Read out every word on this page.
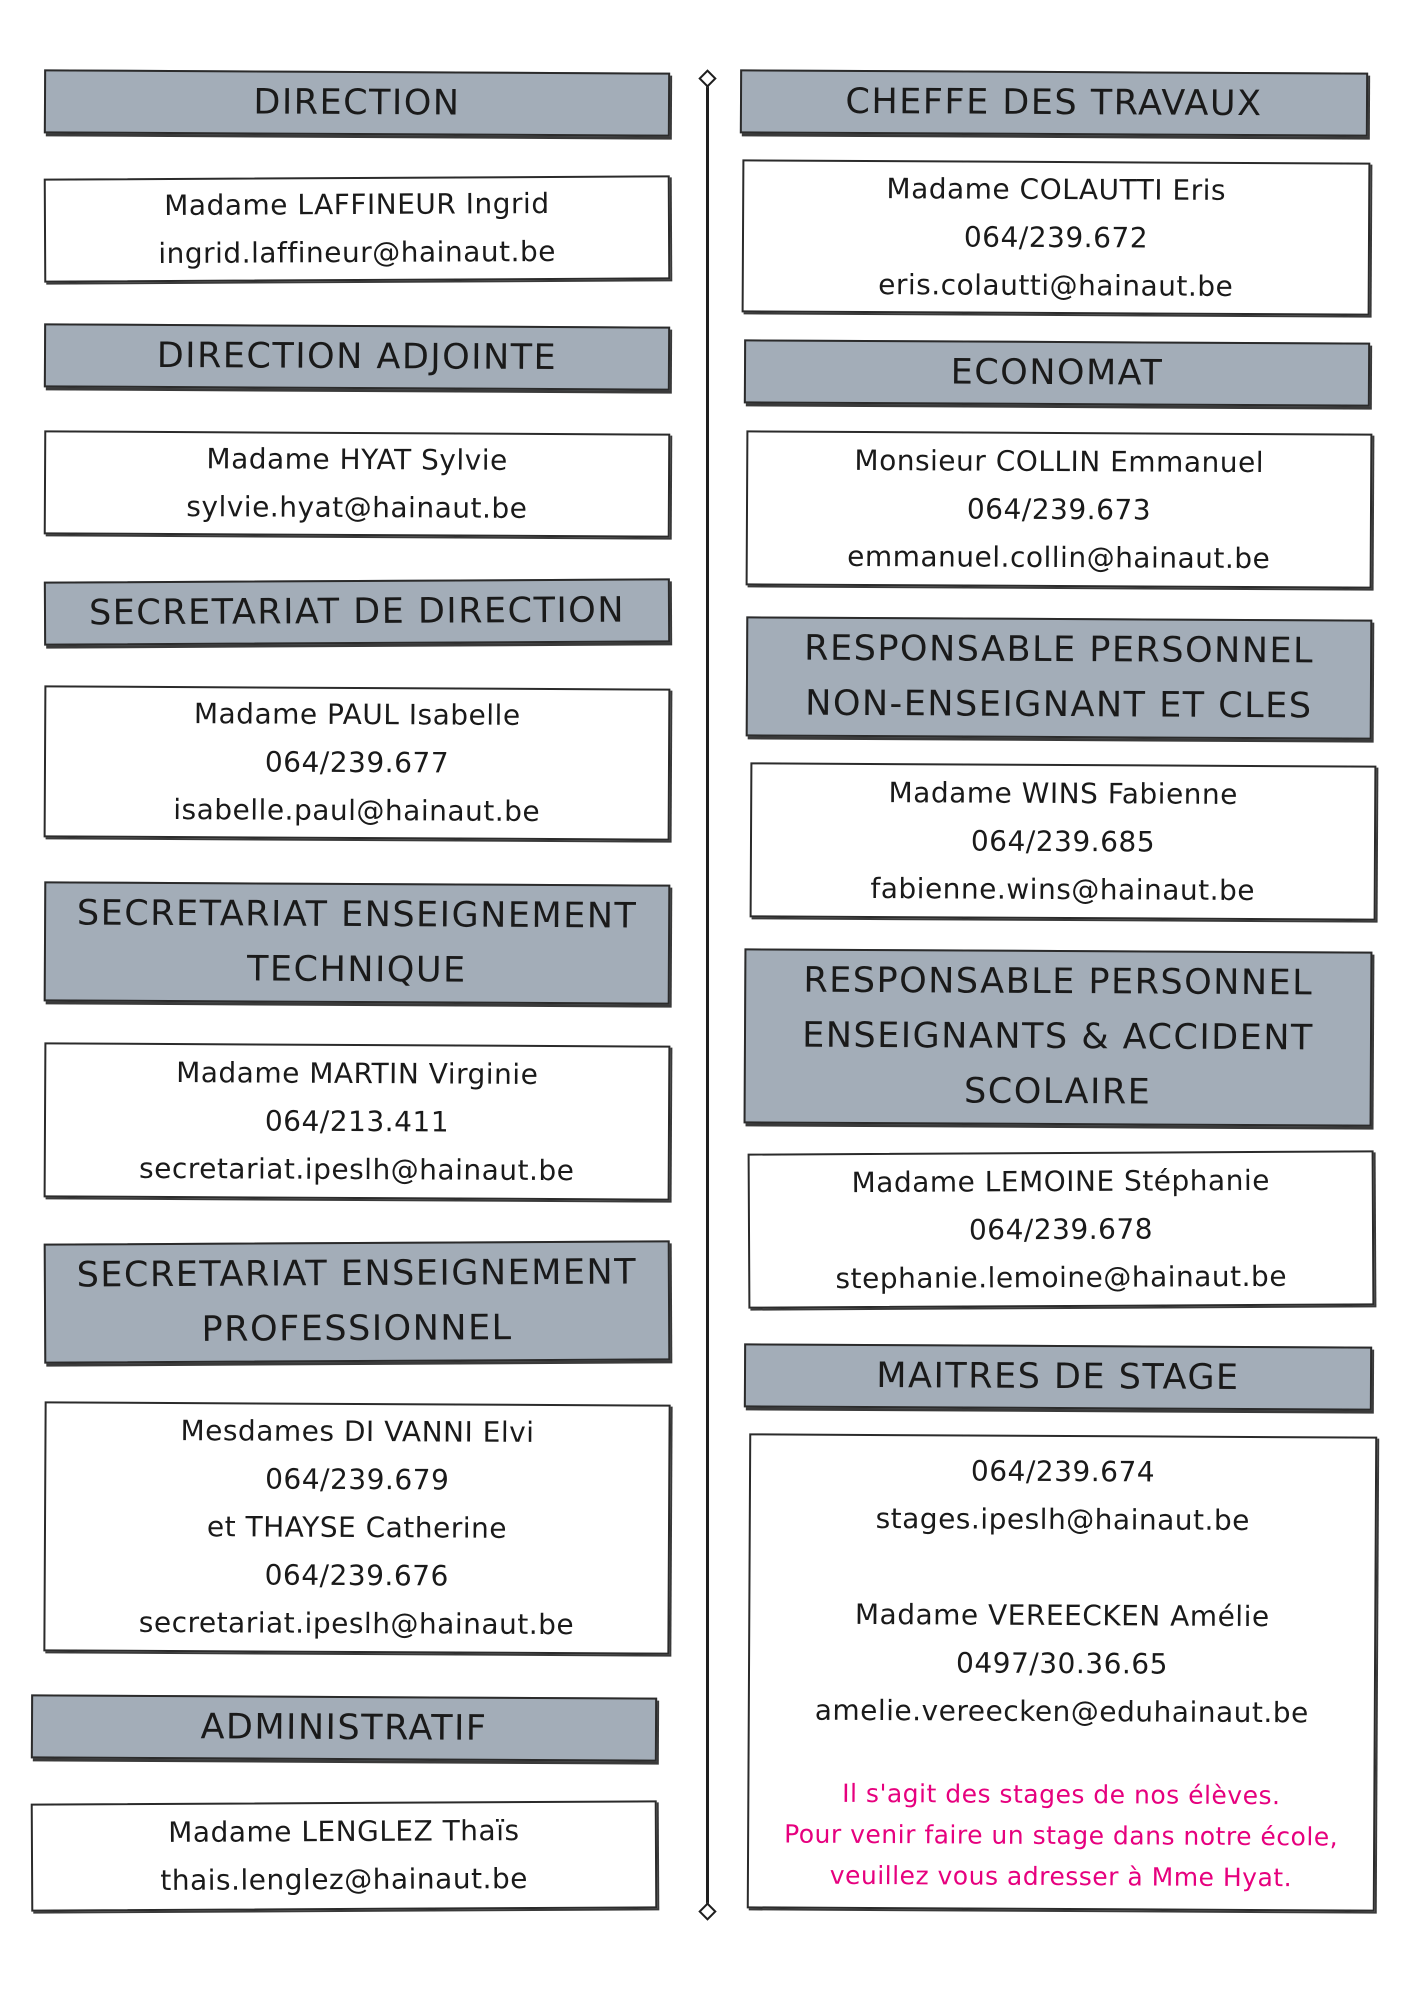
DIRECTION
Madame LAFFINEUR Ingrid
ingrid.laffineur@hainaut.be
DIRECTION ADJOINTE
Madame HYAT Sylvie
sylvie.hyat@hainaut.be
SECRETARIAT DE DIRECTION
Madame PAUL Isabelle
064/239.677
isabelle.paul@hainaut.be
SECRETARIAT ENSEIGNEMENT
TECHNIQUE
Madame MARTIN Virginie
064/213.411
secretariat.ipeslh@hainaut.be
SECRETARIAT ENSEIGNEMENT
PROFESSIONNEL
Mesdames DI VANNI Elvi
064/239.679
et THAYSE Catherine
064/239.676
secretariat.ipeslh@hainaut.be
ADMINISTRATIF
Madame LENGLEZ Thaïs
thais.lenglez@hainaut.be
CHEFFE DES TRAVAUX
Madame COLAUTTI Eris
064/239.672
eris.colautti@hainaut.be
ECONOMAT
Monsieur COLLIN Emmanuel
064/239.673
emmanuel.collin@hainaut.be
RESPONSABLE PERSONNEL
NON-ENSEIGNANT ET CLES
Madame WINS Fabienne
064/239.685
fabienne.wins@hainaut.be
RESPONSABLE PERSONNEL
ENSEIGNANTS & ACCIDENT
SCOLAIRE
Madame LEMOINE Stéphanie
064/239.678
stephanie.lemoine@hainaut.be
MAITRES DE STAGE
064/239.674
stages.ipeslh@hainaut.be
Madame VEREECKEN Amélie
0497/30.36.65
amelie.vereecken@eduhainaut.be
Il s'agit des stages de nos élèves.
Pour venir faire un stage dans notre école,
veuillez vous adresser à Mme Hyat.
